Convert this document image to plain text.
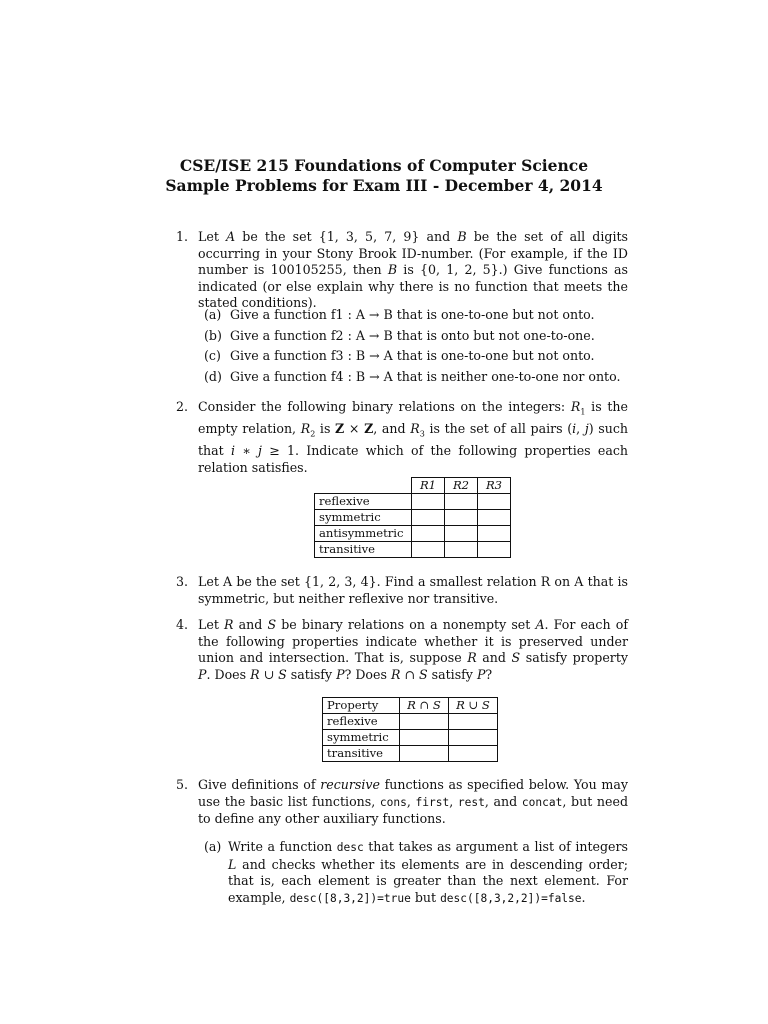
CSE/ISE 215 Foundations of Computer Science
Sample Problems for Exam III - December 4, 2014
1. Let A be the set {1, 3, 5, 7, 9} and B be the set of all digits occurring in your Stony Brook ID-number. (For example, if the ID number is 100105255, then B is {0, 1, 2, 5}.) Give functions as indicated (or else explain why there is no function that meets the stated conditions).
(a) Give a function f1 : A → B that is one-to-one but not onto.
(b) Give a function f2 : A → B that is onto but not one-to-one.
(c) Give a function f3 : B → A that is one-to-one but not onto.
(d) Give a function f4 : B → A that is neither one-to-one nor onto.
2. Consider the following binary relations on the integers: $R_1$ is the empty relation, $R_2$ is Z × Z, and $R_3$ is the set of all pairs (i, j) such that i ∗ j ≥ 1. Indicate which of the following properties each relation satisfies.
	R1	R2	R3
reflexive			
symmetric			
antisymmetric			
transitive			
3. Let A be the set {1, 2, 3, 4}. Find a smallest relation R on A that is symmetric, but neither reflexive nor transitive.
4. Let R and S be binary relations on a nonempty set A. For each of the following properties indicate whether it is preserved under union and intersection. That is, suppose R and S satisfy property P. Does R ∪ S satisfy P? Does R ∩ S satisfy P?
Property	R ∩ S	R ∪ S
reflexive		
symmetric		
transitive		
5. Give definitions of recursive functions as specified below. You may use the basic list functions, cons, first, rest, and concat, but need to define any other auxiliary functions.
(a) Write a function desc that takes as argument a list of integers L and checks whether its elements are in descending order; that is, each element is greater than the next element. For example, desc([8,3,2])=true but desc([8,3,2,2])=false.
